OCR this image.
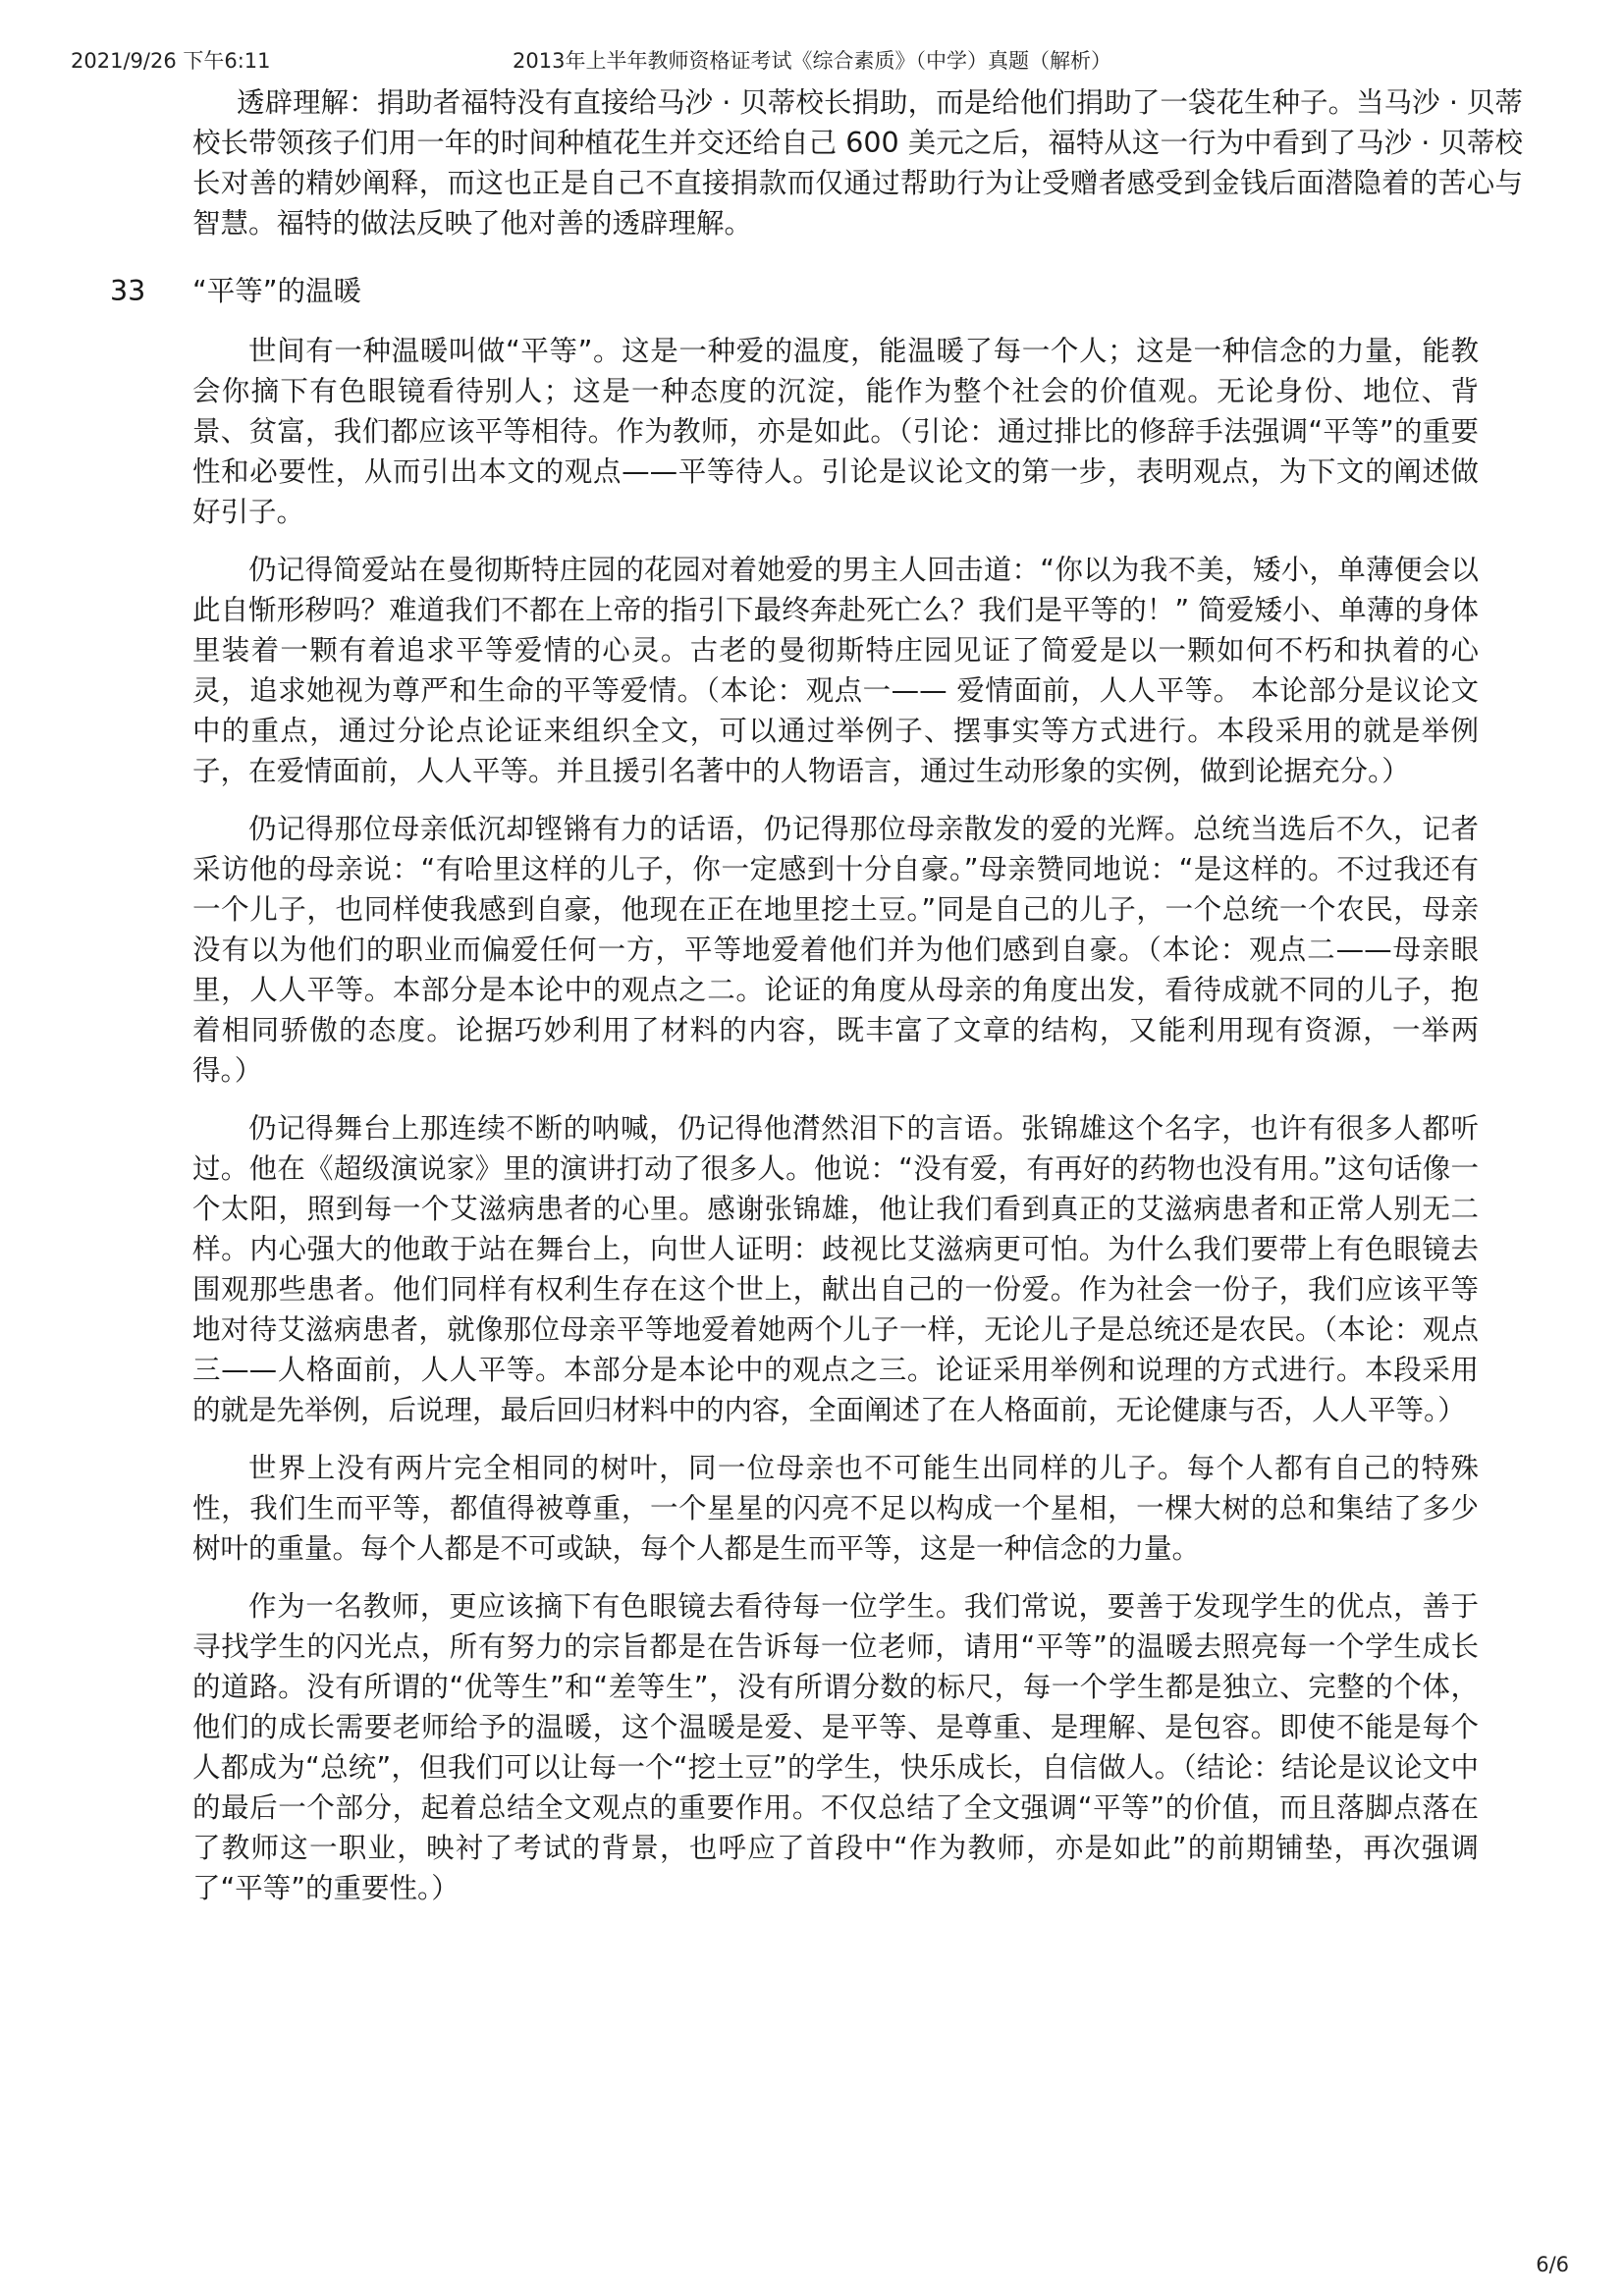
2021/9/26 下午6:11	2013年上半年教师资格证考试《综合素质》（中学）真题（解析）

透辟理解：捐助者福特没有直接给马沙 · 贝蒂校长捐助，而是给他们捐助了一袋花生种子。当马沙 · 贝蒂校长带领孩子们用一年的时间种植花生并交还给自己 600 美元之后，福特从这一行为中看到了马沙 · 贝蒂校长对善的精妙阐释，而这也正是自己不直接捐款而仅通过帮助行为让受赠者感受到金钱后面潜隐着的苦心与智慧。福特的做法反映了他对善的透辟理解。

33 “平等”的温暖

世间有一种温暖叫做“平等”。这是一种爱的温度，能温暖了每一个人；这是一种信念的力量，能教会你摘下有色眼镜看待别人；这是一种态度的沉淀，能作为整个社会的价值观。无论身份、地位、背景、贫富，我们都应该平等相待。作为教师，亦是如此。（引论：通过排比的修辞手法强调“平等”的重要性和必要性，从而引出本文的观点——平等待人。引论是议论文的第一步，表明观点，为下文的阐述做好引子。

仍记得简爱站在曼彻斯特庄园的花园对着她爱的男主人回击道：“你以为我不美，矮小，单薄便会以此自惭形秽吗？难道我们不都在上帝的指引下最终奔赴死亡么？我们是平等的！” 简爱矮小、单薄的身体里装着一颗有着追求平等爱情的心灵。古老的曼彻斯特庄园见证了简爱是以一颗如何不朽和执着的心灵，追求她视为尊严和生命的平等爱情。（本论：观点一—— 爱情面前，人人平等。 本论部分是议论文中的重点，通过分论点论证来组织全文，可以通过举例子、摆事实等方式进行。本段采用的就是举例子，在爱情面前，人人平等。并且援引名著中的人物语言，通过生动形象的实例，做到论据充分。）

仍记得那位母亲低沉却铿锵有力的话语，仍记得那位母亲散发的爱的光辉。总统当选后不久，记者采访他的母亲说：“有哈里这样的儿子，你一定感到十分自豪。”母亲赞同地说：“是这样的。不过我还有一个儿子，也同样使我感到自豪，他现在正在地里挖土豆。”同是自己的儿子，一个总统一个农民，母亲没有以为他们的职业而偏爱任何一方，平等地爱着他们并为他们感到自豪。（本论：观点二——母亲眼里，人人平等。本部分是本论中的观点之二。论证的角度从母亲的角度出发，看待成就不同的儿子，抱着相同骄傲的态度。论据巧妙利用了材料的内容，既丰富了文章的结构，又能利用现有资源，一举两得。）

仍记得舞台上那连续不断的呐喊，仍记得他潸然泪下的言语。张锦雄这个名字，也许有很多人都听过。他在《超级演说家》里的演讲打动了很多人。他说：“没有爱，有再好的药物也没有用。”这句话像一个太阳，照到每一个艾滋病患者的心里。感谢张锦雄，他让我们看到真正的艾滋病患者和正常人别无二样。内心强大的他敢于站在舞台上，向世人证明：歧视比艾滋病更可怕。为什么我们要带上有色眼镜去围观那些患者。他们同样有权利生存在这个世上，献出自己的一份爱。作为社会一份子，我们应该平等地对待艾滋病患者，就像那位母亲平等地爱着她两个儿子一样，无论儿子是总统还是农民。（本论：观点三——人格面前，人人平等。本部分是本论中的观点之三。论证采用举例和说理的方式进行。本段采用的就是先举例，后说理，最后回归材料中的内容，全面阐述了在人格面前，无论健康与否，人人平等。）

世界上没有两片完全相同的树叶，同一位母亲也不可能生出同样的儿子。每个人都有自己的特殊性，我们生而平等，都值得被尊重，一个星星的闪亮不足以构成一个星相，一棵大树的总和集结了多少树叶的重量。每个人都是不可或缺，每个人都是生而平等，这是一种信念的力量。

作为一名教师，更应该摘下有色眼镜去看待每一位学生。我们常说，要善于发现学生的优点，善于寻找学生的闪光点，所有努力的宗旨都是在告诉每一位老师，请用“平等”的温暖去照亮每一个学生成长的道路。没有所谓的“优等生”和“差等生”，没有所谓分数的标尺，每一个学生都是独立、完整的个体，他们的成长需要老师给予的温暖，这个温暖是爱、是平等、是尊重、是理解、是包容。即使不能是每个人都成为“总统”，但我们可以让每一个“挖土豆”的学生，快乐成长，自信做人。（结论：结论是议论文中的最后一个部分，起着总结全文观点的重要作用。不仅总结了全文强调“平等”的价值，而且落脚点落在了教师这一职业，映衬了考试的背景，也呼应了首段中“作为教师，亦是如此”的前期铺垫，再次强调了“平等”的重要性。）

6/6
